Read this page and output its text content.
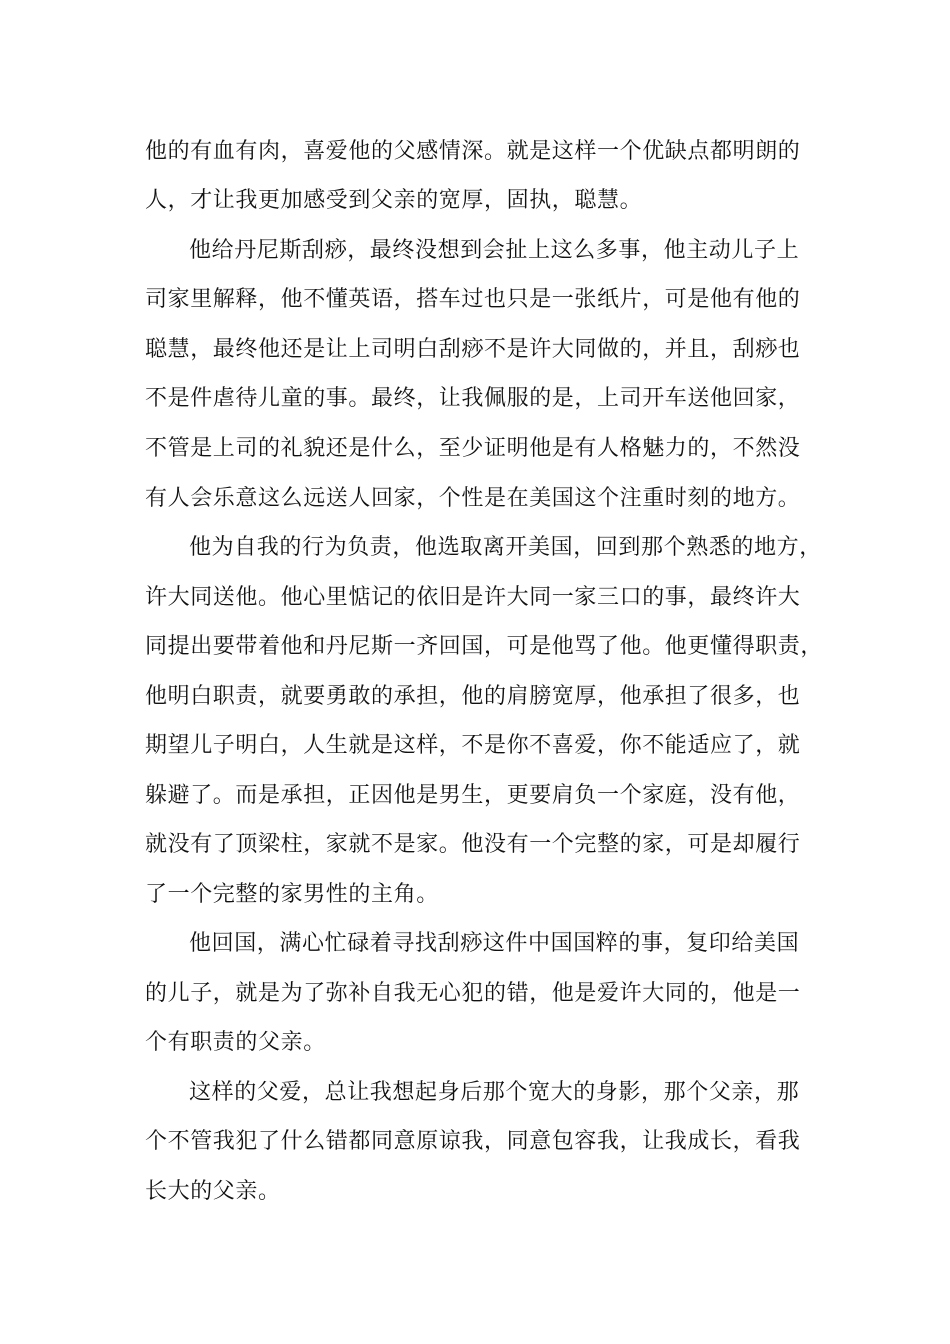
他的有血有肉，喜爱他的父感情深。就是这样一个优缺点都明朗的
人，才让我更加感受到父亲的宽厚，固执，聪慧。
他给丹尼斯刮痧，最终没想到会扯上这么多事，他主动儿子上
司家里解释，他不懂英语，搭车过也只是一张纸片，可是他有他的
聪慧，最终他还是让上司明白刮痧不是许大同做的，并且，刮痧也
不是件虐待儿童的事。最终，让我佩服的是，上司开车送他回家，
不管是上司的礼貌还是什么，至少证明他是有人格魅力的，不然没
有人会乐意这么远送人回家，个性是在美国这个注重时刻的地方。
他为自我的行为负责，他选取离开美国，回到那个熟悉的地方，
许大同送他。他心里惦记的依旧是许大同一家三口的事，最终许大
同提出要带着他和丹尼斯一齐回国，可是他骂了他。他更懂得职责，
他明白职责，就要勇敢的承担，他的肩膀宽厚，他承担了很多，也
期望儿子明白，人生就是这样，不是你不喜爱，你不能适应了，就
躲避了。而是承担，正因他是男生，更要肩负一个家庭，没有他，
就没有了顶梁柱，家就不是家。他没有一个完整的家，可是却履行
了一个完整的家男性的主角。
他回国，满心忙碌着寻找刮痧这件中国国粹的事，复印给美国
的儿子，就是为了弥补自我无心犯的错，他是爱许大同的，他是一
个有职责的父亲。
这样的父爱，总让我想起身后那个宽大的身影，那个父亲，那
个不管我犯了什么错都同意原谅我，同意包容我，让我成长，看我
长大的父亲。
